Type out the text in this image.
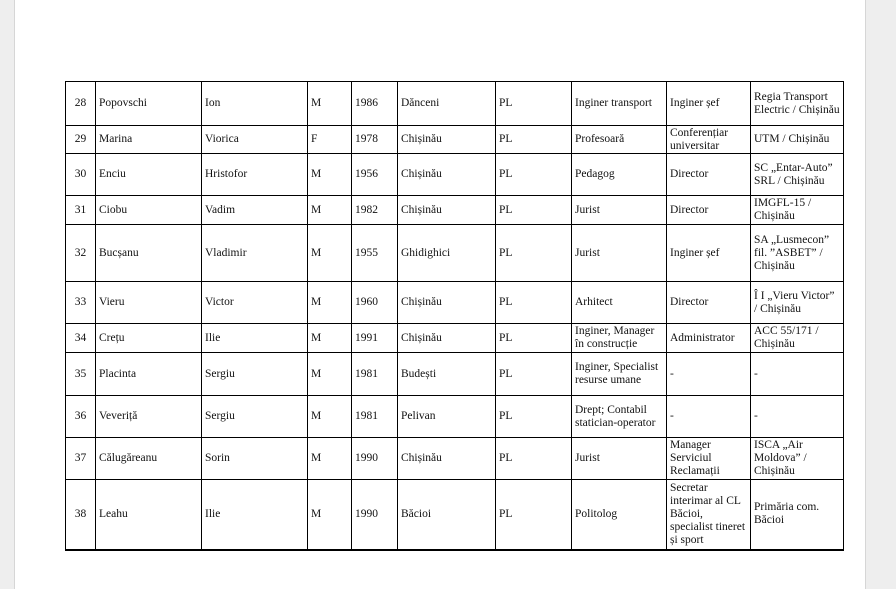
28	Popovschi	Ion	M	1986	Dănceni	PL	Inginer transport	Inginer șef	Regia Transport Electric / Chișinău
29	Marina	Viorica	F	1978	Chișinău	PL	Profesoară	Conferențiar universitar	UTM / Chișinău
30	Enciu	Hristofor	M	1956	Chișinău	PL	Pedagog	Director	SC „Entar-Auto” SRL / Chișinău
31	Ciobu	Vadim	M	1982	Chișinău	PL	Jurist	Director	IMGFL-15 / Chișinău
32	Bucșanu	Vladimir	M	1955	Ghidighici	PL	Jurist	Inginer șef	SA „Lusmecon” fil. ”ASBET” / Chișinău
33	Vieru	Victor	M	1960	Chișinău	PL	Arhitect	Director	Î I „Vieru Victor” / Chișinău
34	Crețu	Ilie	M	1991	Chișinău	PL	Inginer, Manager în construcție	Administrator	ACC 55/171 / Chișinău
35	Placinta	Sergiu	M	1981	Budești	PL	Inginer, Specialist resurse umane	-	-
36	Veveriță	Sergiu	M	1981	Pelivan	PL	Drept; Contabil statician-operator	-	-
37	Călugăreanu	Sorin	M	1990	Chișinău	PL	Jurist	Manager Serviciul Reclamații	ISCA „Air Moldova” / Chișinău
38	Leahu	Ilie	M	1990	Băcioi	PL	Politolog	Secretar interimar al CL Băcioi, specialist tineret și sport	Primăria com. Băcioi
